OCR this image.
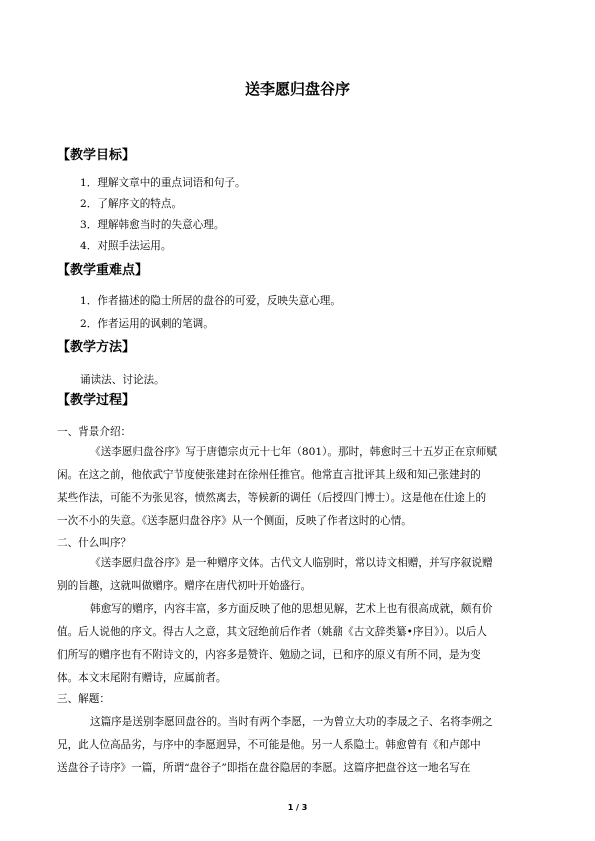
送李愿归盘谷序
【教学目标】
1．理解文章中的重点词语和句子。
2．了解序文的特点。
3．理解韩愈当时的失意心理。
4．对照手法运用。
【教学重难点】
1．作者描述的隐士所居的盘谷的可爱，反映失意心理。
2．作者运用的讽刺的笔调。
【教学方法】
诵读法、讨论法。
【教学过程】
一、背景介绍：
《送李愿归盘谷序》写于唐德宗贞元十七年（801）。那时，韩愈时三十五岁正在京师赋
闲。在这之前，他依武宁节度使张建封在徐州任推官。他常直言批评其上级和知己张建封的
某些作法，可能不为张见容，愤然离去，等候新的调任（后授四门博士）。这是他在仕途上的
一次不小的失意。《送李愿归盘谷序》从一个侧面，反映了作者这时的心情。
二、什么叫序？
《送李愿归盘谷序》是一种赠序文体。古代文人临别时，常以诗文相赠，并写序叙说赠
别的旨趣，这就叫做赠序。赠序在唐代初叶开始盛行。
韩愈写的赠序，内容丰富，多方面反映了他的思想见解，艺术上也有很高成就，颇有价
值。后人说他的序文。得古人之意，其文冠绝前后作者（姚鼐《古文辞类纂•序目》）。以后人
们所写的赠序也有不附诗文的，内容多是赞许、勉励之词，已和序的原义有所不同，是为变
体。本文末尾附有赠诗，应属前者。
三、解题：
这篇序是送别李愿回盘谷的。当时有两个李愿，一为曾立大功的李晟之子、名将李朔之
兄，此人位高品劣，与序中的李愿迥异，不可能是他。另一人系隐士。韩愈曾有《和卢郎中
送盘谷子诗序》一篇，所谓“盘谷子”即指在盘谷隐居的李愿。这篇序把盘谷这一地名写在
1 / 3
